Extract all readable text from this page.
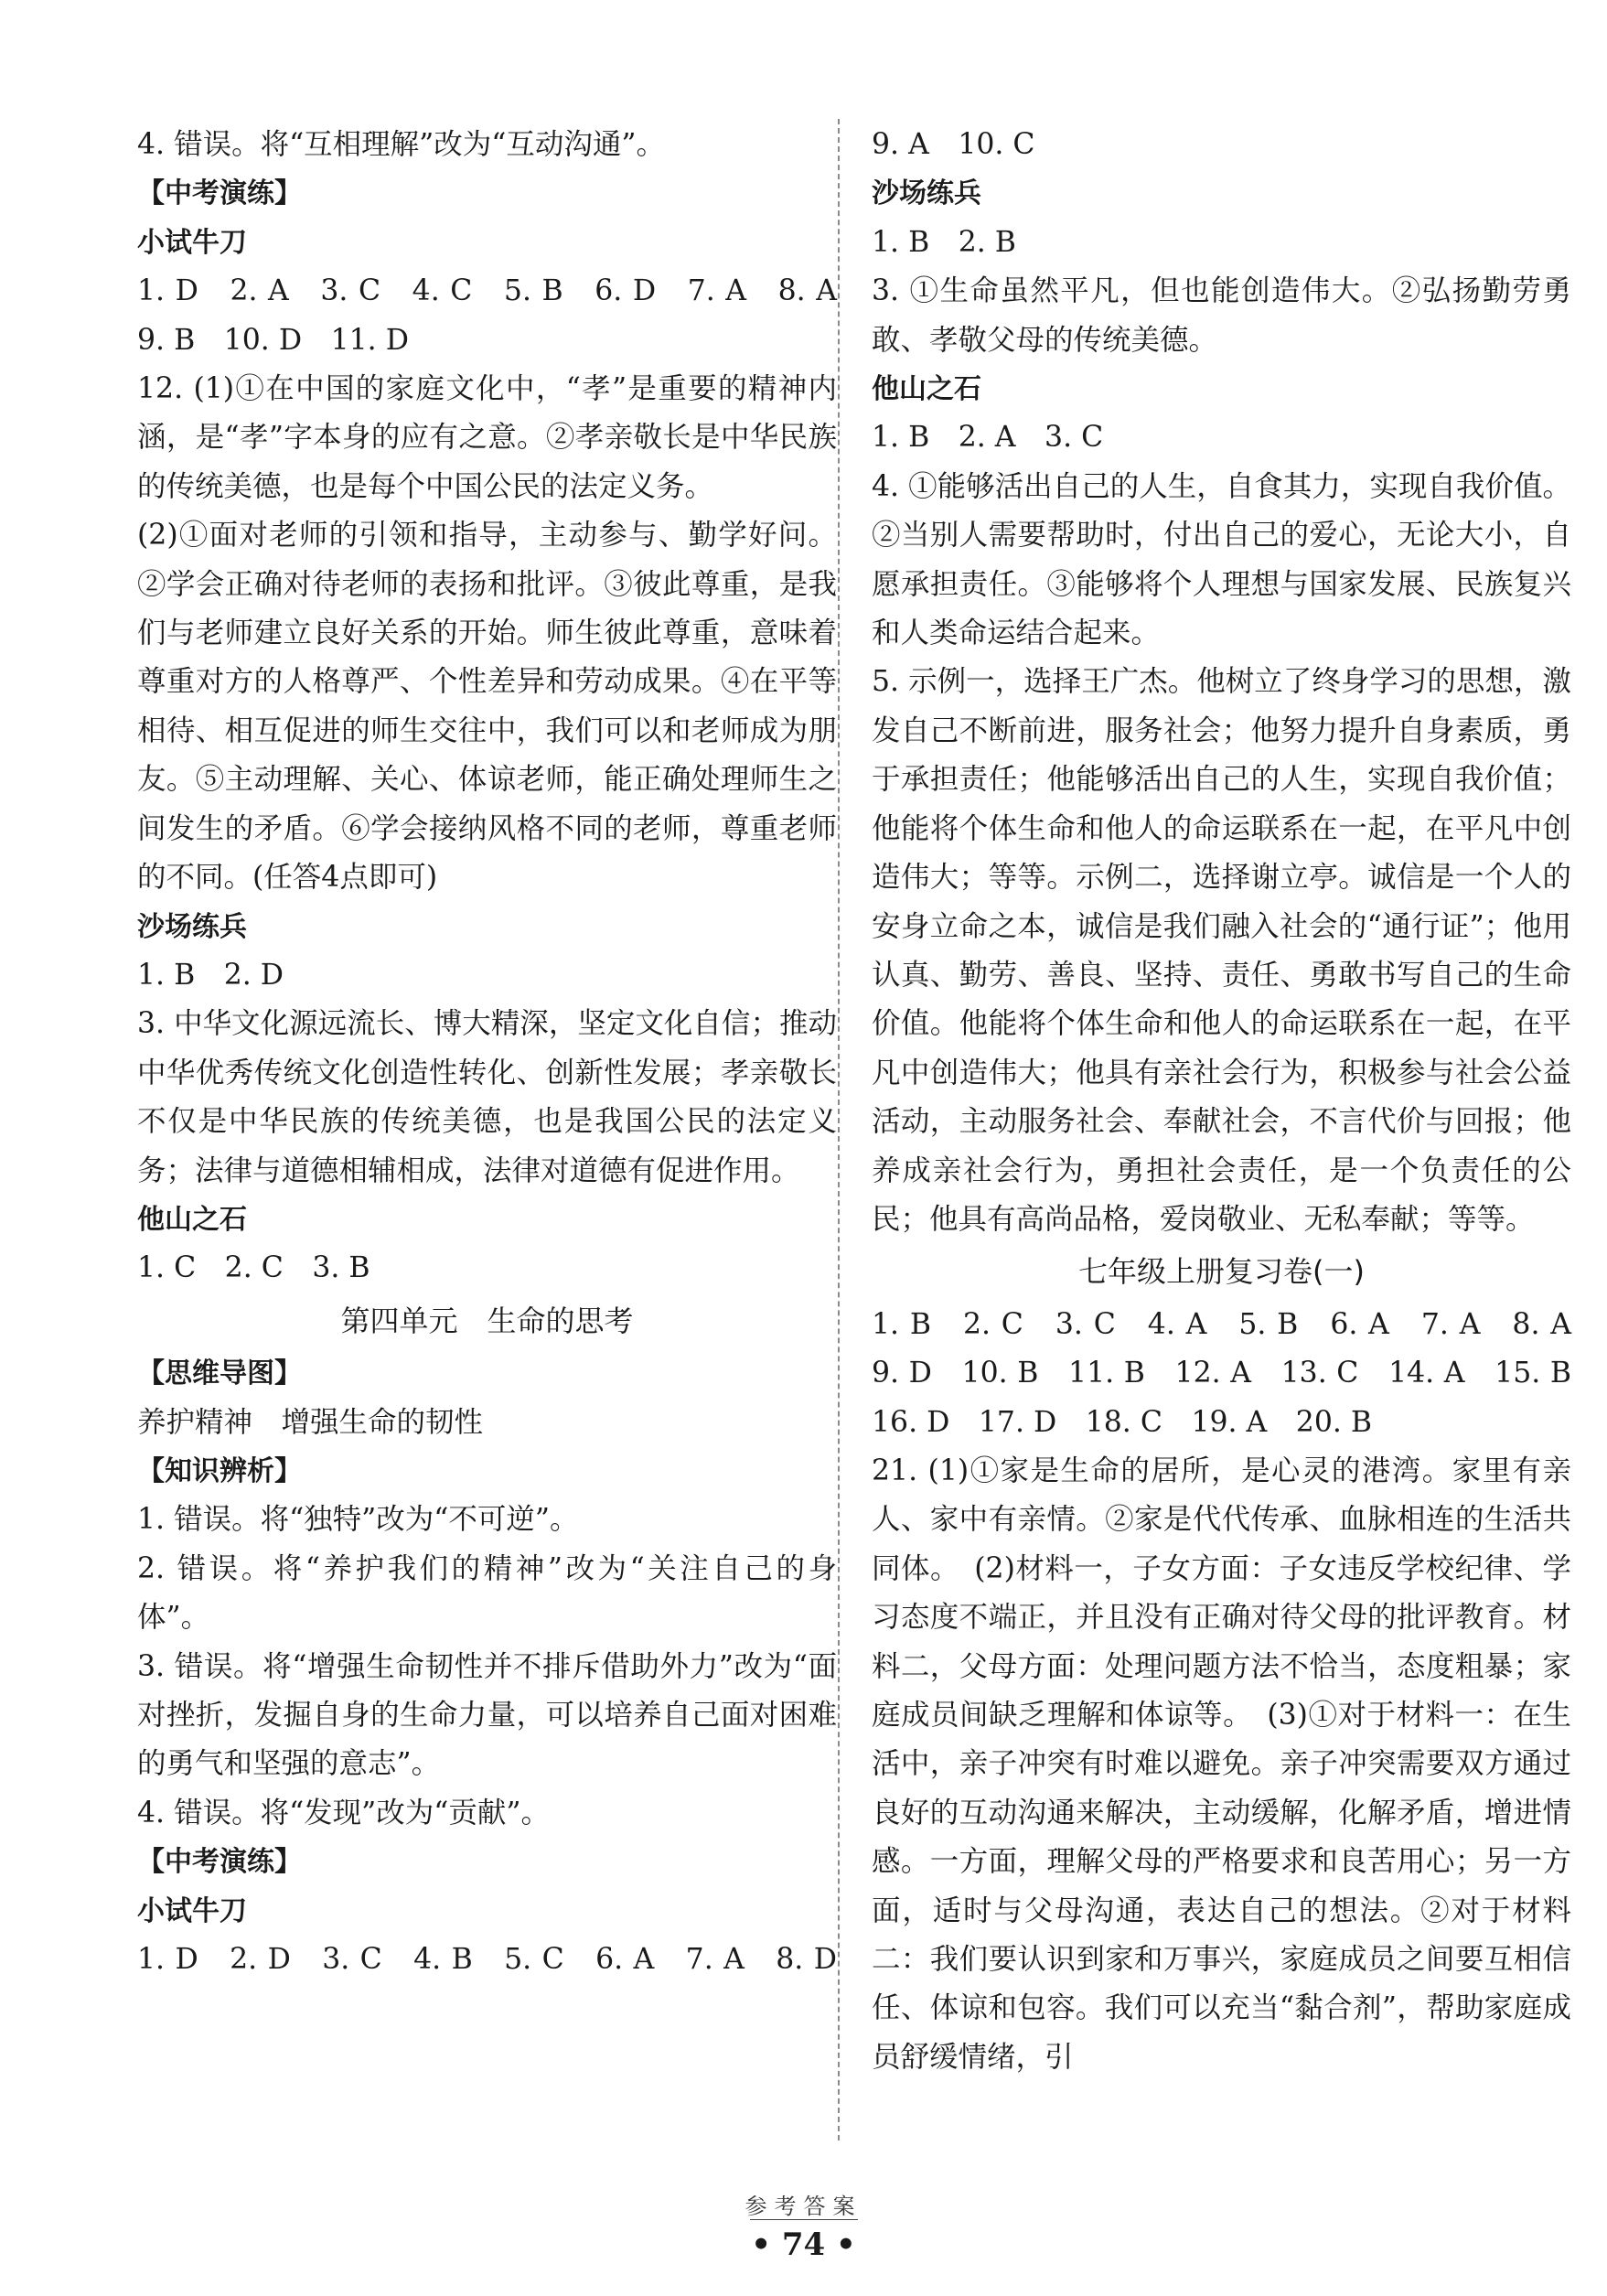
4. 错误。将“互相理解”改为“互动沟通”。

【中考演练】

小试牛刀

1. D　2. A　3. C　4. C　5. B　6. D　7. A　8. A

9. B　10. D　11. D

12. (1)①在中国的家庭文化中，“孝”是重要的精神内涵，是“孝”字本身的应有之意。②孝亲敬长是中华民族的传统美德，也是每个中国公民的法定义务。

(2)①面对老师的引领和指导，主动参与、勤学好问。②学会正确对待老师的表扬和批评。③彼此尊重，是我们与老师建立良好关系的开始。师生彼此尊重，意味着尊重对方的人格尊严、个性差异和劳动成果。④在平等相待、相互促进的师生交往中，我们可以和老师成为朋友。⑤主动理解、关心、体谅老师，能正确处理师生之间发生的矛盾。⑥学会接纳风格不同的老师，尊重老师的不同。(任答4点即可)

沙场练兵

1. B　2. D

3. 中华文化源远流长、博大精深，坚定文化自信；推动中华优秀传统文化创造性转化、创新性发展；孝亲敬长不仅是中华民族的传统美德，也是我国公民的法定义务；法律与道德相辅相成，法律对道德有促进作用。

他山之石

1. C　2. C　3. B

第四单元　生命的思考

【思维导图】

养护精神　增强生命的韧性

【知识辨析】

1. 错误。将“独特”改为“不可逆”。

2. 错误。将“养护我们的精神”改为“关注自己的身体”。

3. 错误。将“增强生命韧性并不排斥借助外力”改为“面对挫折，发掘自身的生命力量，可以培养自己面对困难的勇气和坚强的意志”。

4. 错误。将“发现”改为“贡献”。

【中考演练】

小试牛刀

1. D　2. D　3. C　4. B　5. C　6. A　7. A　8. D

9. A　10. C

沙场练兵

1. B　2. B

3. ①生命虽然平凡，但也能创造伟大。②弘扬勤劳勇敢、孝敬父母的传统美德。

他山之石

1. B　2. A　3. C

4. ①能够活出自己的人生，自食其力，实现自我价值。②当别人需要帮助时，付出自己的爱心，无论大小，自愿承担责任。③能够将个人理想与国家发展、民族复兴和人类命运结合起来。

5. 示例一，选择王广杰。他树立了终身学习的思想，激发自己不断前进，服务社会；他努力提升自身素质，勇于承担责任；他能够活出自己的人生，实现自我价值；他能将个体生命和他人的命运联系在一起，在平凡中创造伟大；等等。示例二，选择谢立亭。诚信是一个人的安身立命之本，诚信是我们融入社会的“通行证”；他用认真、勤劳、善良、坚持、责任、勇敢书写自己的生命价值。他能将个体生命和他人的命运联系在一起，在平凡中创造伟大；他具有亲社会行为，积极参与社会公益活动，主动服务社会、奉献社会，不言代价与回报；他养成亲社会行为，勇担社会责任，是一个负责任的公民；他具有高尚品格，爱岗敬业、无私奉献；等等。

七年级上册复习卷(一)

1. B　2. C　3. C　4. A　5. B　6. A　7. A　8. A

9. D　10. B　11. B　12. A　13. C　14. A　15. B

16. D　17. D　18. C　19. A　20. B

21. (1)①家是生命的居所，是心灵的港湾。家里有亲人、家中有亲情。②家是代代传承、血脉相连的生活共同体。　(2)材料一，子女方面：子女违反学校纪律、学习态度不端正，并且没有正确对待父母的批评教育。材料二，父母方面：处理问题方法不恰当，态度粗暴；家庭成员间缺乏理解和体谅等。　(3)①对于材料一：在生活中，亲子冲突有时难以避免。亲子冲突需要双方通过良好的互动沟通来解决，主动缓解，化解矛盾，增进情感。一方面，理解父母的严格要求和良苦用心；另一方面，适时与父母沟通，表达自己的想法。②对于材料二：我们要认识到家和万事兴，家庭成员之间要互相信任、体谅和包容。我们可以充当“黏合剂”，帮助家庭成员舒缓情绪，引

参考答案
• 74 •
